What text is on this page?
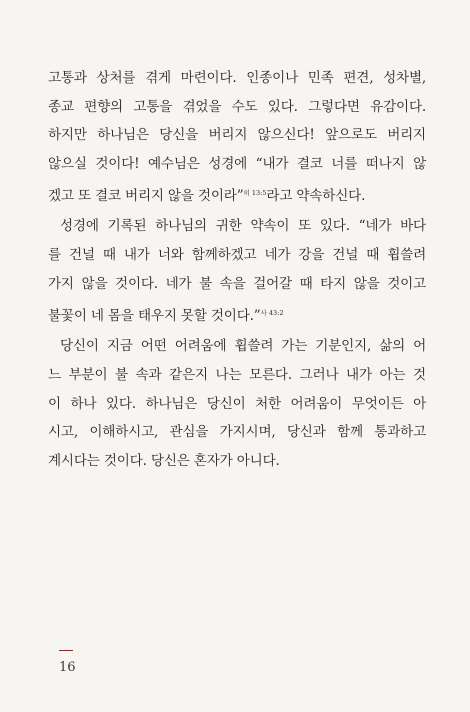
고통과 상처를 겪게 마련이다. 인종이나 민족 편견, 성차별,
종교 편향의 고통을 겪었을 수도 있다. 그렇다면 유감이다.
하지만 하나님은 당신을 버리지 않으신다! 앞으로도 버리지
않으실 것이다! 예수님은 성경에 “내가 결코 너를 떠나지 않
겠고 또 결코 버리지 않을 것이라”$^{히 13:5}$라고 약속하신다.
성경에 기록된 하나님의 귀한 약속이 또 있다. “네가 바다
를 건널 때 내가 너와 함께하겠고 네가 강을 건널 때 휩쓸려
가지 않을 것이다. 네가 불 속을 걸어갈 때 타지 않을 것이고
불꽃이 네 몸을 태우지 못할 것이다.”$^{사 43:2}$
당신이 지금 어떤 어려움에 휩쓸려 가는 기분인지, 삶의 어
느 부분이 불 속과 같은지 나는 모른다. 그러나 내가 아는 것
이 하나 있다. 하나님은 당신이 처한 어려움이 무엇이든 아
시고, 이해하시고, 관심을 가지시며, 당신과 함께 통과하고
계시다는 것이다. 당신은 혼자가 아니다.
16
